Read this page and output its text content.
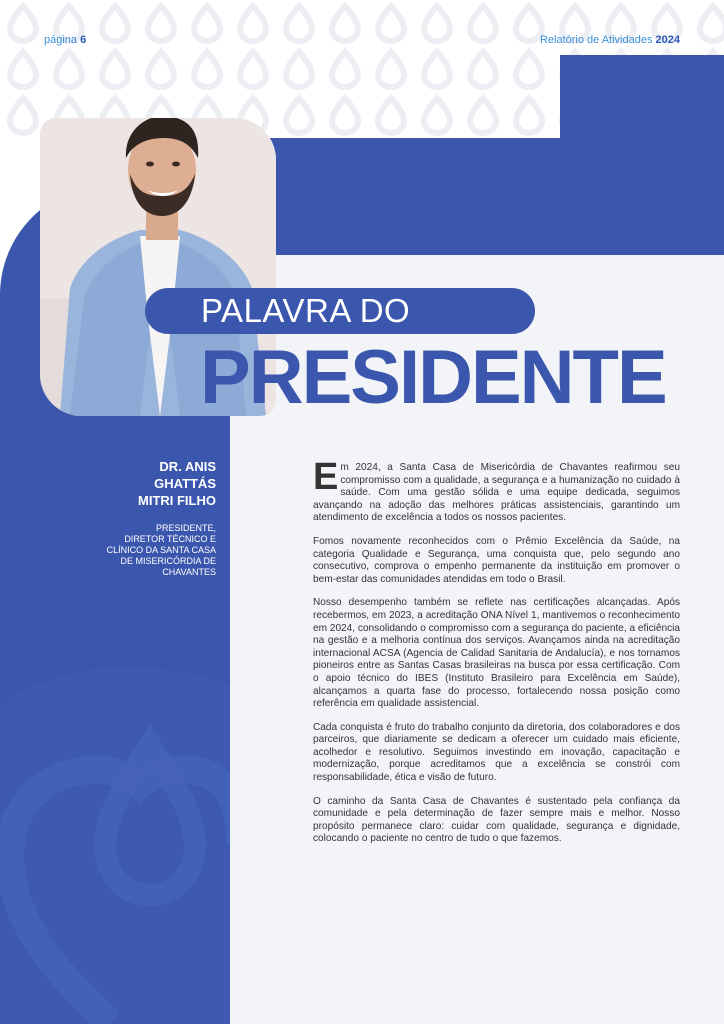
página 6	Relatório de Atividades 2024
PALAVRA DO
PRESIDENTE
DR. ANIS
GHATTÁS
MITRI FILHO
PRESIDENTE,
DIRETOR TÉCNICO E
CLÍNICO DA SANTA CASA
DE MISERICÓRDIA DE
CHAVANTES

Em 2024, a Santa Casa de Misericórdia de Chavantes reafirmou seu compromisso com a qualidade, a segurança e a humanização no cuidado à saúde. Com uma gestão sólida e uma equipe dedicada, seguimos avançando na adoção das melhores práticas assistenciais, garantindo um atendimento de excelência a todos os nossos pacientes.

Fomos novamente reconhecidos com o Prêmio Excelência da Saúde, na categoria Qualidade e Segurança, uma conquista que, pelo segundo ano consecutivo, comprova o empenho permanente da instituição em promover o bem-estar das comunidades atendidas em todo o Brasil.

Nosso desempenho também se reflete nas certificações alcançadas. Após recebermos, em 2023, a acreditação ONA Nível 1, mantivemos o reconhecimento em 2024, consolidando o compromisso com a segurança do paciente, a eficiência na gestão e a melhoria contínua dos serviços. Avançamos ainda na acreditação internacional ACSA (Agencia de Calidad Sanitaria de Andalucía), e nos tornamos pioneiros entre as Santas Casas brasileiras na busca por essa certificação. Com o apoio técnico do IBES (Instituto Brasileiro para Excelência em Saúde), alcançamos a quarta fase do processo, fortalecendo nossa posição como referência em qualidade assistencial.

Cada conquista é fruto do trabalho conjunto da diretoria, dos colaboradores e dos parceiros, que diariamente se dedicam a oferecer um cuidado mais eficiente, acolhedor e resolutivo. Seguimos investindo em inovação, capacitação e modernização, porque acreditamos que a excelência se constrói com responsabilidade, ética e visão de futuro.

O caminho da Santa Casa de Chavantes é sustentado pela confiança da comunidade e pela determinação de fazer sempre mais e melhor. Nosso propósito permanece claro: cuidar com qualidade, segurança e dignidade, colocando o paciente no centro de tudo o que fazemos.
